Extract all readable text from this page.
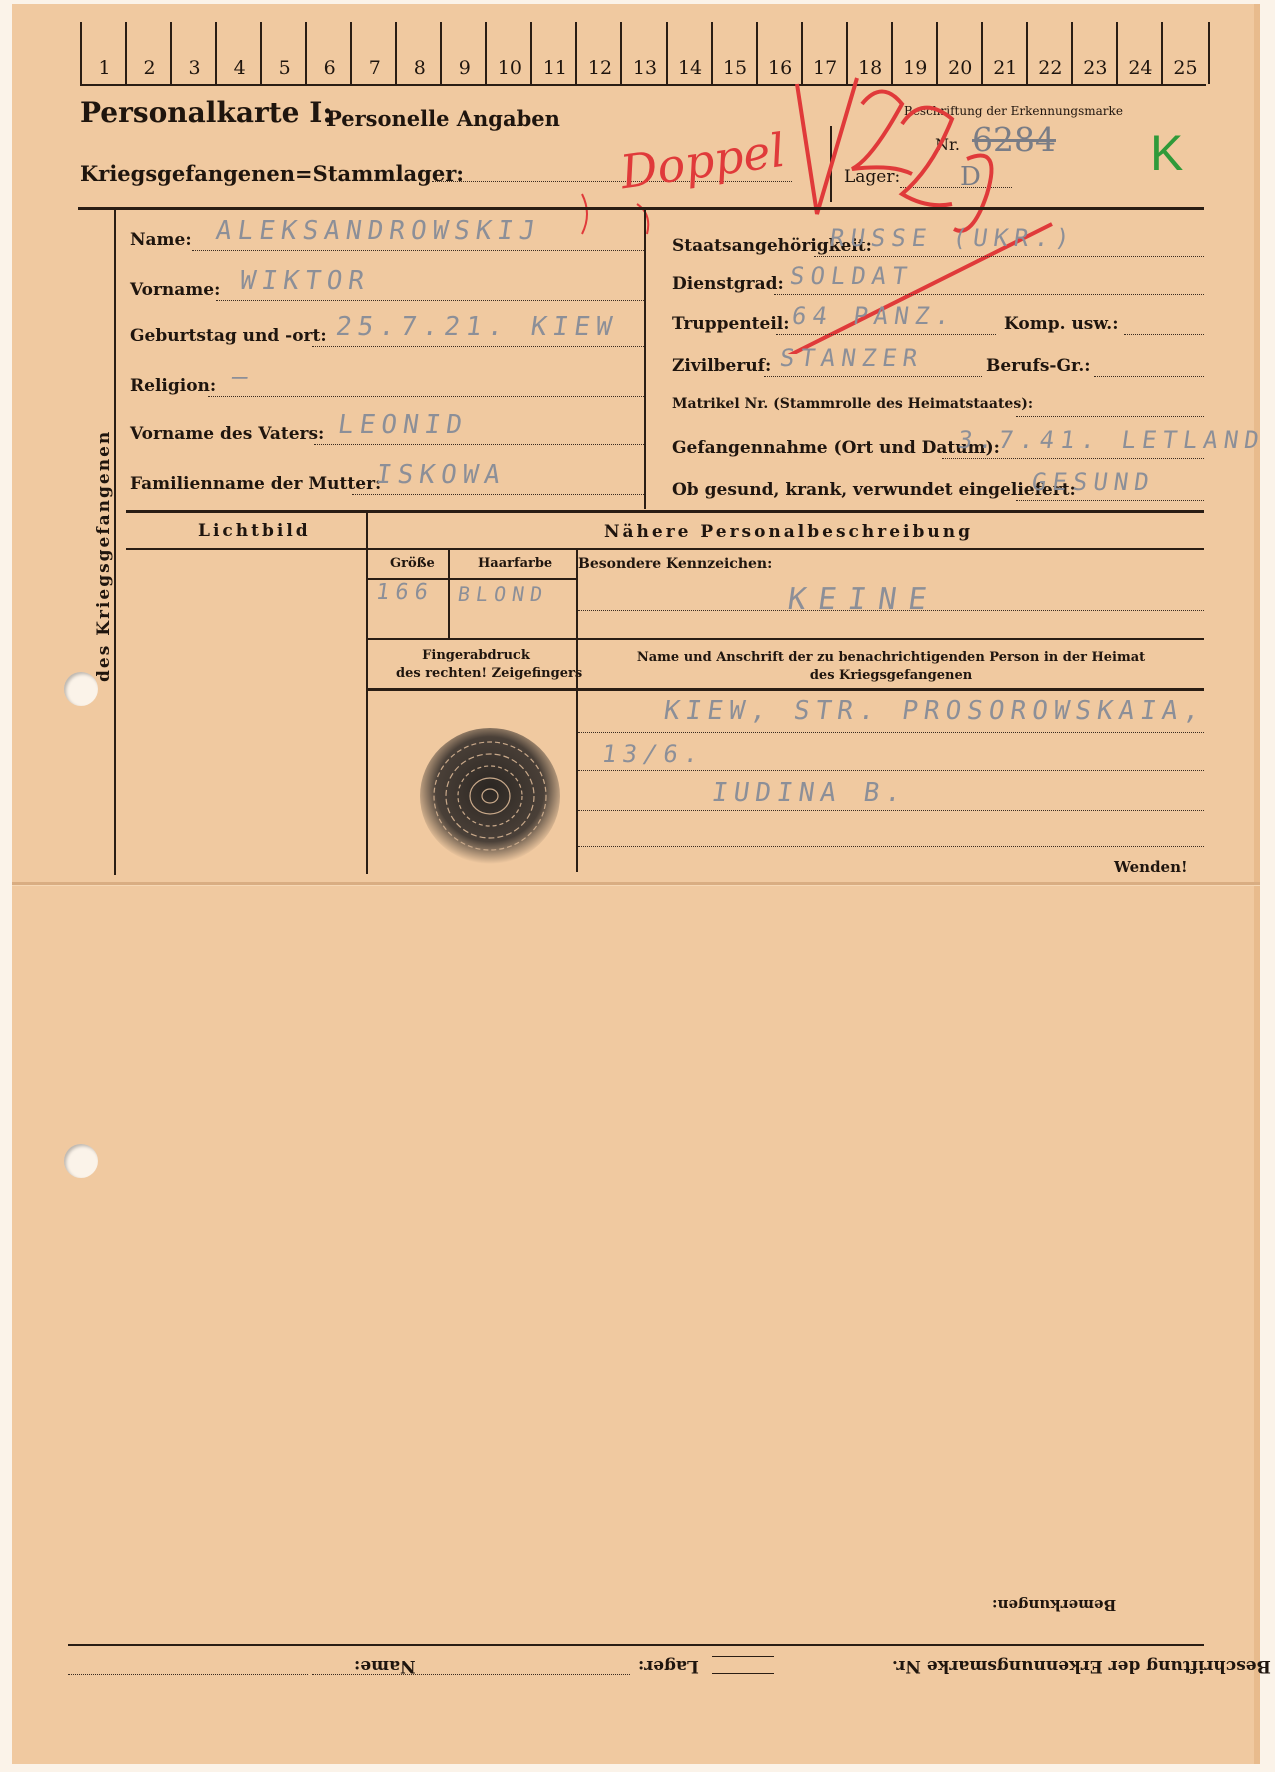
1	2	3	4	5	6	7	8	9	10	11	12	13	14	15	16	17	18	19	20	21	22	23	24	25
Personalkarte I:
Personelle Angaben
Kriegsgefangenen=Stammlager:
Beschriftung der Erkennungsmarke
Nr. 6284
Lager: D	K
Doppel
des Kriegsgefangenen
Name: ALEKSANDROWSKIJ
Vorname: WIKTOR
Geburtstag und -ort: 25.7.21. KIEW
Religion: –
Vorname des Vaters: LEONID
Familienname der Mutter:
ISKOWA
Staatsangehörigkeit:
RUSSE (UKR.)
Dienstgrad: SOLDAT
Truppenteil: 64 PANZ.	Komp. usw.:
Zivilberuf: STANZER	Berufs-Gr.:
Matrikel Nr. (Stammrolle des Heimatstaates):
Gefangennahme (Ort und Datum):
3.7.41. LETLAND
Ob gesund, krank, verwundet eingeliefert:
GESUND
Lichtbild	Nähere Personalbeschreibung
Größe	Haarfarbe Besondere Kennzeichen:
166 BLOND	KEINE
Fingerabdruck
des rechten! Zeigefingers
Name und Anschrift der zu benachrichtigenden Person in der Heimat
des Kriegsgefangenen
KIEW, STR. PROSOROWSKAIA,
13/6.
IUDINA B.
Wenden!
Bemerkungen:
Beschriftung der Erkennungsmarke Nr.
Lager:
Name:
